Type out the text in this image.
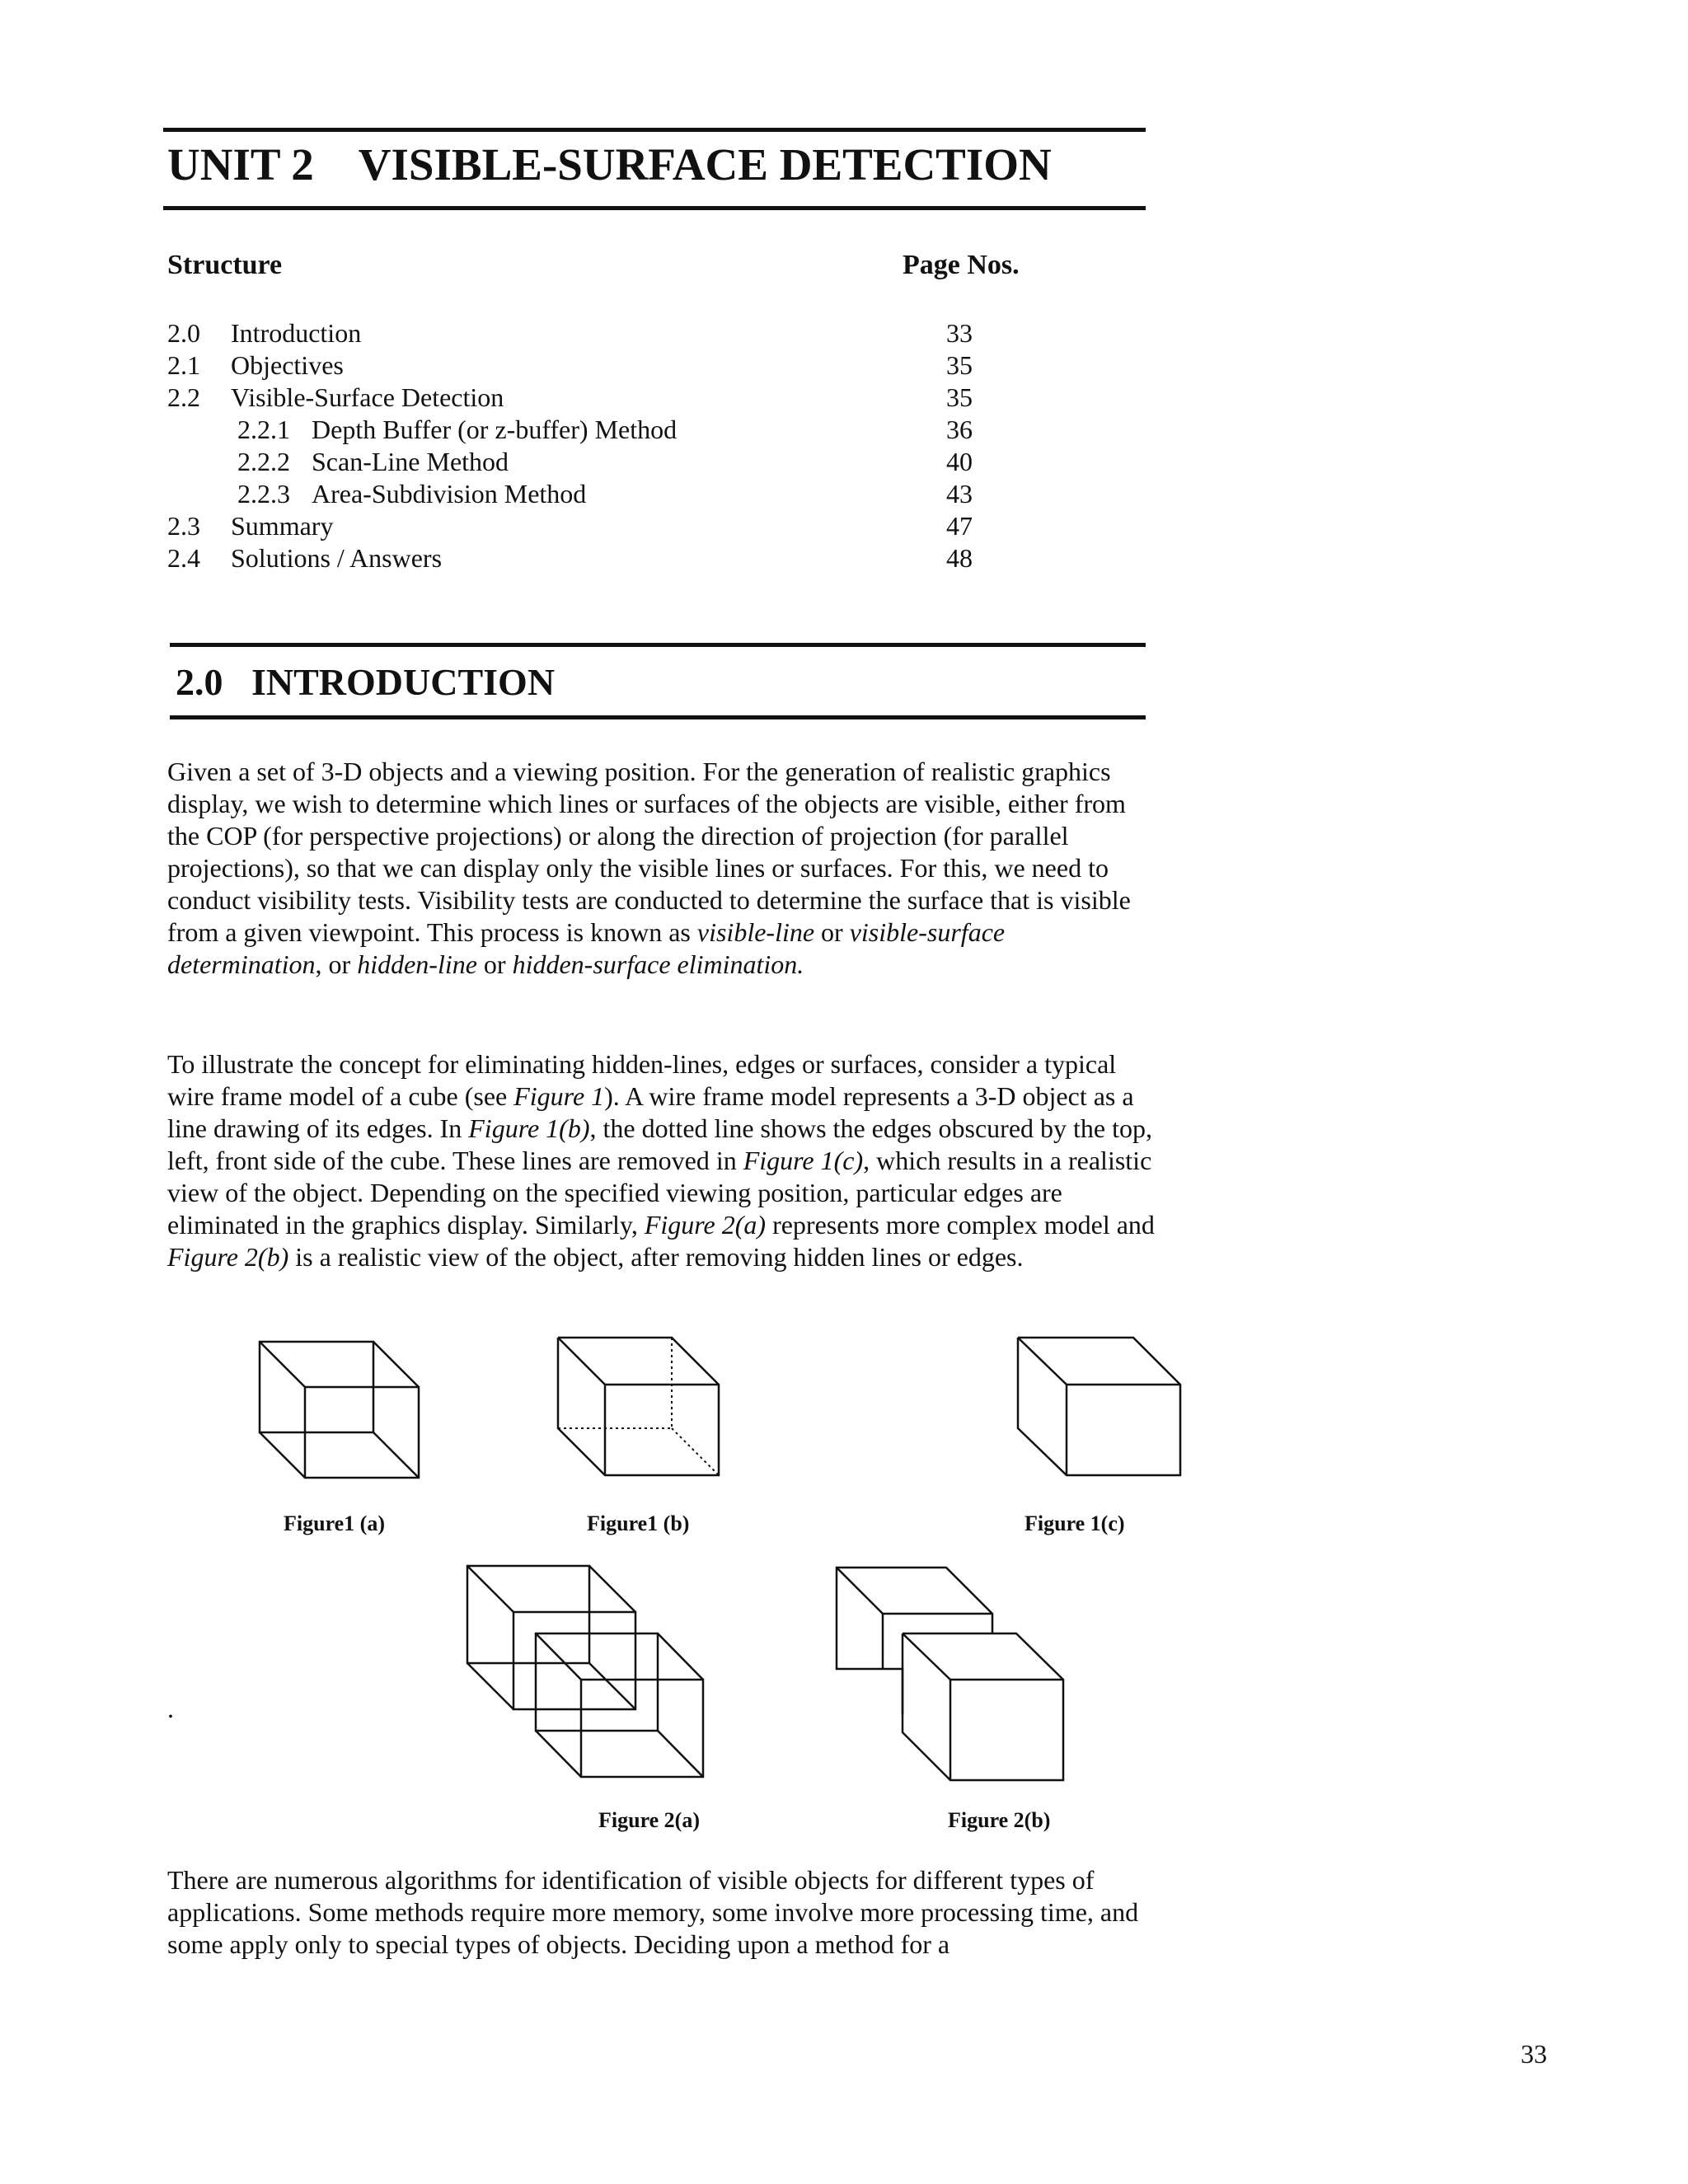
UNIT 2    VISIBLE-SURFACE DETECTION
Structure	Page Nos.
2.0 Introduction	33
2.1 Objectives	35
2.2 Visible-Surface Detection	35
2.2.1 Depth Buffer (or z-buffer) Method	36
2.2.2 Scan-Line Method	40
2.2.3 Area-Subdivision Method	43
2.3 Summary	47
2.4 Solutions / Answers	48
2.0   INTRODUCTION

Given a set of 3-D objects and a viewing position. For the generation of realistic graphics display, we wish to determine which lines or surfaces of the objects are visible, either from the COP (for perspective projections) or along the direction of projection (for parallel projections), so that we can display only the visible lines or surfaces. For this, we need to conduct visibility tests. Visibility tests are conducted to determine the surface that is visible from a given viewpoint. This process is known as visible-line or visible-surface determination, or hidden-line or hidden-surface elimination.

To illustrate the concept for eliminating hidden-lines, edges or surfaces, consider a typical wire frame model of a cube (see Figure 1). A wire frame model represents a 3-D object as a line drawing of its edges. In Figure 1(b), the dotted line shows the edges obscured by the top, left, front side of the cube. These lines are removed in Figure 1(c), which results in a realistic view of the object. Depending on the specified viewing position, particular edges are eliminated in the graphics display. Similarly, Figure 2(a) represents more complex model and Figure 2(b) is a realistic view of the object, after removing hidden lines or edges.

Figure1 (a)	Figure1 (b)	Figure 1(c)
Figure 2(a)	Figure 2(b)
.

There are numerous algorithms for identification of visible objects for different types of applications. Some methods require more memory, some involve more processing time, and some apply only to special types of objects. Deciding upon a method for a

33
